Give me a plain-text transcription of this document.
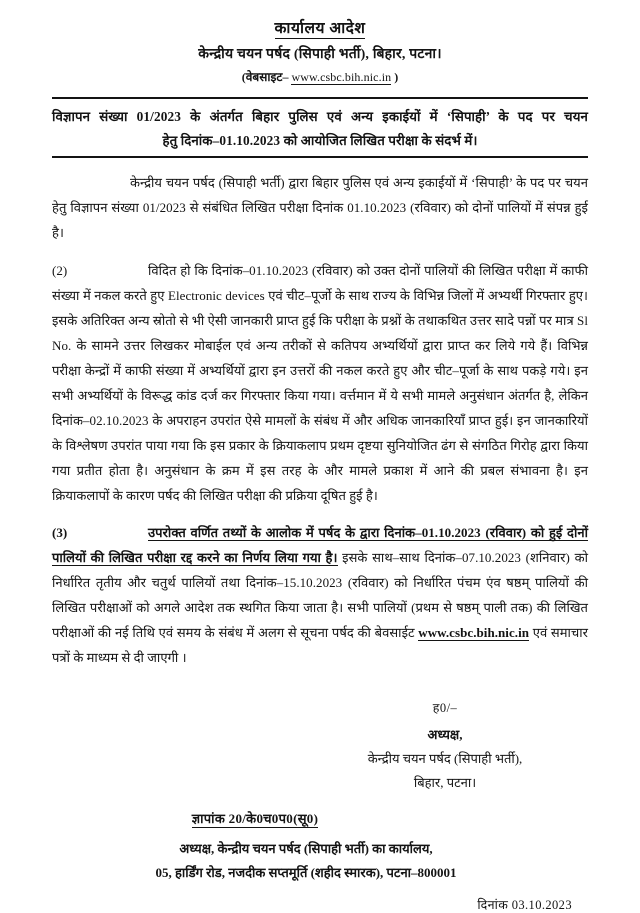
कार्यालय आदेश
केन्द्रीय चयन पर्षद (सिपाही भर्ती), बिहार, पटना।
(वेबसाइट– www.csbc.bih.nic.in )
विज्ञापन संख्या 01/2023 के अंतर्गत बिहार पुलिस एवं अन्य इकाईयों में ‘सिपाही’ के पद पर चयन
हेतु दिनांक–01.10.2023 को आयोजित लिखित परीक्षा के संदर्भ में।
केन्द्रीय चयन पर्षद (सिपाही भर्ती) द्वारा बिहार पुलिस एवं अन्य इकाईयों में ‘सिपाही’ के पद पर चयन हेतु विज्ञापन संख्या 01/2023 से संबंधित लिखित परीक्षा दिनांक 01.10.2023 (रविवार) को दोनों पालियों में संपन्न हुई है।
(2)	विदित हो कि दिनांक–01.10.2023 (रविवार) को उक्त दोनों पालियों की लिखित परीक्षा में काफी संख्या में नकल करते हुए Electronic devices एवं चीट–पूर्जो के साथ राज्य के विभिन्न जिलों में अभ्यर्थी गिरफ्तार हुए। इसके अतिरिक्त अन्य स्रोतो से भी ऐसी जानकारी प्राप्त हुई कि परीक्षा के प्रश्नों के तथाकथित उत्तर सादे पन्नों पर मात्र Sl No. के सामने उत्तर लिखकर मोबाईल एवं अन्य तरीकों से कतिपय अभ्यर्थियों द्वारा प्राप्त कर लिये गये हैं। विभिन्न परीक्षा केन्द्रों में काफी संख्या में अभ्यर्थियों द्वारा इन उत्तरों की नकल करते हुए और चीट–पूर्जा के साथ पकड़े गये। इन सभी अभ्यर्थियों के विरूद्ध कांड दर्ज कर गिरफ्तार किया गया। वर्त्तमान में ये सभी मामले अनुसंधान अंतर्गत है, लेकिन दिनांक–02.10.2023 के अपराहन उपरांत ऐसे मामलों के संबंध में और अधिक जानकारियाँ प्राप्त हुई। इन जानकारियों के विश्लेषण उपरांत पाया गया कि इस प्रकार के क्रियाकलाप प्रथम दृष्टया सुनियोजित ढंग से संगठित गिरोह द्वारा किया गया प्रतीत होता है। अनुसंधान के क्रम में इस तरह के और मामले प्रकाश में आने की प्रबल संभावना है। इन क्रियाकलापों के कारण पर्षद की लिखित परीक्षा की प्रक्रिया दूषित हुई है।
(3)	उपरोक्त वर्णित तथ्यों के आलोक में पर्षद के द्वारा दिनांक–01.10.2023 (रविवार) को हुई दोनों पालियों की लिखित परीक्षा रद्द करने का निर्णय लिया गया है। इसके साथ–साथ दिनांक–07.10.2023 (शनिवार) को निर्धारित तृतीय और चतुर्थ पालियों तथा दिनांक–15.10.2023 (रविवार) को निर्धारित पंचम एंव षष्ठम् पालियों की लिखित परीक्षाओं को अगले आदेश तक स्थगित किया जाता है। सभी पालियों (प्रथम से षष्ठम् पाली तक) की लिखित परीक्षाओं की नई तिथि एवं समय के संबंध में अलग से सूचना पर्षद की बेवसाईट www.csbc.bih.nic.in एवं समाचार पत्रों के माध्यम से दी जाएगी ।
ह0/–
अध्यक्ष,
केन्द्रीय चयन पर्षद (सिपाही भर्ती),
बिहार, पटना।
ज्ञापांक 20/के0च0प0(सू0)
अध्यक्ष, केन्द्रीय चयन पर्षद (सिपाही भर्ती) का कार्यालय,
05, हार्डिंग रोड, नजदीक सप्तमूर्ति (शहीद स्मारक), पटना–800001
दिनांक 03.10.2023
